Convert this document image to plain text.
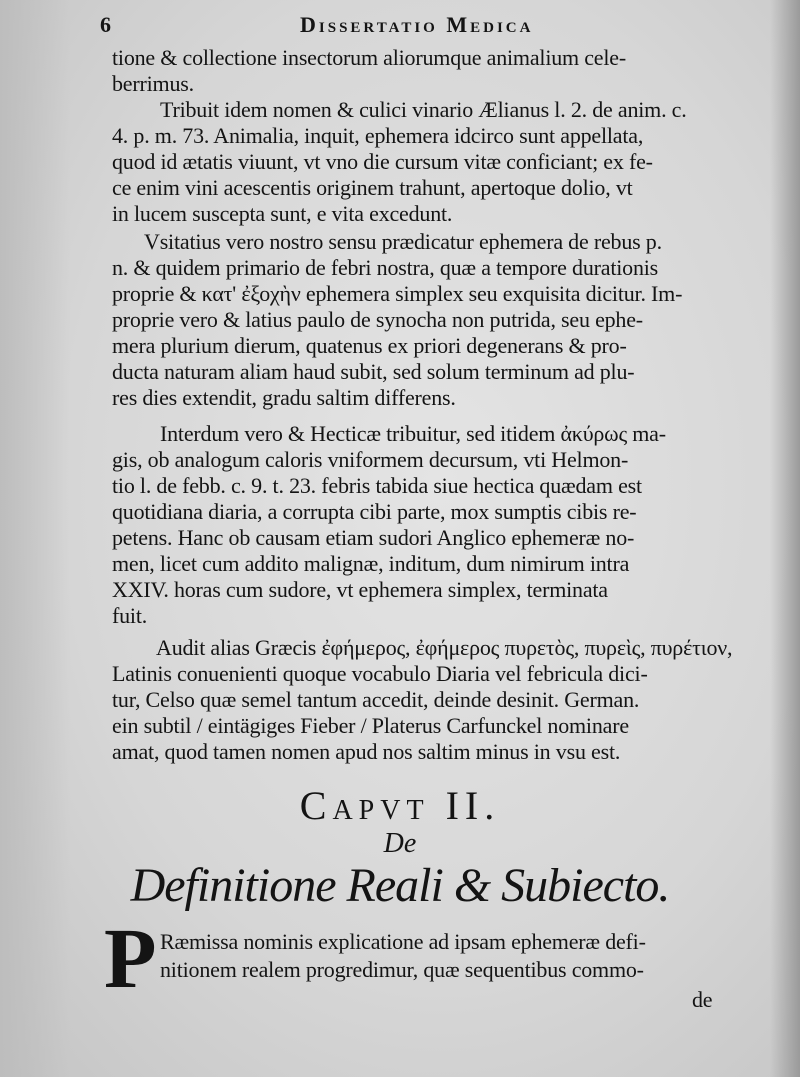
6	Dissertatio Medica
tione & collectione insectorum aliorumque animalium cele-
berrimus.
Tribuit idem nomen & culici vinario Ælianus l. 2. de anim. c.
4. p. m. 73. Animalia, inquit, ephemera idcirco sunt appellata,
quod id ætatis viuunt, vt vno die cursum vitæ conficiant; ex fe-
ce enim vini acescentis originem trahunt, apertoque dolio, vt
in lucem suscepta sunt, e vita excedunt.
Vsitatius vero nostro sensu prædicatur ephemera de rebus p.
n. & quidem primario de febri nostra, quæ a tempore durationis
proprie & κατ' ἐξοχὴν ephemera simplex seu exquisita dicitur. Im-
proprie vero & latius paulo de synocha non putrida, seu ephe-
mera plurium dierum, quatenus ex priori degenerans & pro-
ducta naturam aliam haud subit, sed solum terminum ad plu-
res dies extendit, gradu saltim differens.
Interdum vero & Hecticæ tribuitur, sed itidem ἀκύρως ma-
gis, ob analogum caloris vniformem decursum, vti Helmon-
tio l. de febb. c. 9. t. 23. febris tabida siue hectica quædam est
quotidiana diaria, a corrupta cibi parte, mox sumptis cibis re-
petens. Hanc ob causam etiam sudori Anglico ephemeræ no-
men, licet cum addito malignæ, inditum, dum nimirum intra
XXIV. horas cum sudore, vt ephemera simplex, terminata
fuit.
Audit alias Græcis ἐφήμερος, ἐφήμερος πυρετὸς, πυρεὶς, πυρέτιον,
Latinis conuenienti quoque vocabulo Diaria vel febricula dici-
tur, Celso quæ semel tantum accedit, deinde desinit. German.
ein subtil / eintägiges Fieber / Platerus Carfunckel nominare
amat, quod tamen nomen apud nos saltim minus in vsu est.
Capvt II.
De
Definitione Reali & Subiecto.
P Ræmissa nominis explicatione ad ipsam ephemeræ defi-
nitionem realem progredimur, quæ sequentibus commo-
de
